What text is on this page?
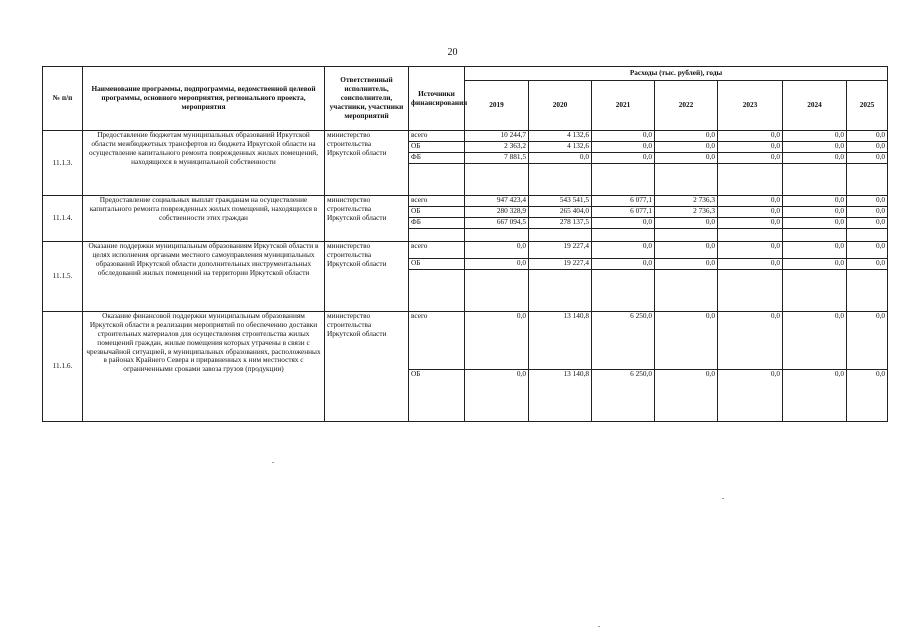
20
№ п/п	Наименование программы, подпрограммы, ведомственной целевой программы, основного мероприятия, регионального проекта, мероприятия	Ответственный исполнитель, соисполнители, участники, участники мероприятий	Источники финансирования	Расходы (тыс. рублей), годы						
				2019	2020	2021	2022	2023	2024	2025
11.1.3.	Предоставление бюджетам муниципальных образований Иркутской области межбюджетных трансфертов из бюджета Иркутской области на осуществление капитального ремонта поврежденных жилых помещений, находящихся в муниципальной собственности	министерство строительства Иркутской области	всего	10 244,7	4 132,6	0,0	0,0	0,0	0,0	0,0
			ОБ	2 363,2	4 132,6	0,0	0,0	0,0	0,0	0,0
			ФБ	7 881,5	0,0	0,0	0,0	0,0	0,0	0,0

11.1.4.	Предоставление социальных выплат гражданам на осуществление капитального ремонта поврежденных жилых помещений, находящихся в собственности этих граждан	министерство строительства Иркутской области	всего	947 423,4	543 541,5	6 077,1	2 736,3	0,0	0,0	0,0
			ОБ	280 328,9	265 404,0	6 077,1	2 736,3	0,0	0,0	0,0
			ФБ	667 094,5	278 137,5	0,0	0,0	0,0	0,0	0,0

11.1.5.	Оказание поддержки муниципальным образованиям Иркутской области в целях исполнения органами местного самоуправления муниципальных образований Иркутской области дополнительных инструментальных обследований жилых помещений на территории Иркутской области	министерство строительства Иркутской области	всего	0,0	19 227,4	0,0	0,0	0,0	0,0	0,0
			ОБ	0,0	19 227,4	0,0	0,0	0,0	0,0	0,0

11.1.6.	Оказание финансовой поддержки муниципальным образованиям Иркутской области в реализации мероприятий по обеспечению доставки строительных материалов для осуществления строительства жилых помещений граждан, жилые помещения которых утрачены в связи с чрезвычайной ситуацией, в муниципальных образованиях, расположенных в районах Крайнего Севера и приравненных к ним местностях с ограниченными сроками завоза грузов (продукции)	министерство строительства Иркутской области	всего	0,0	13 140,8	6 250,0	0,0	0,0	0,0	0,0
			ОБ	0,0	13 140,8	6 250,0	0,0	0,0	0,0	0,0
